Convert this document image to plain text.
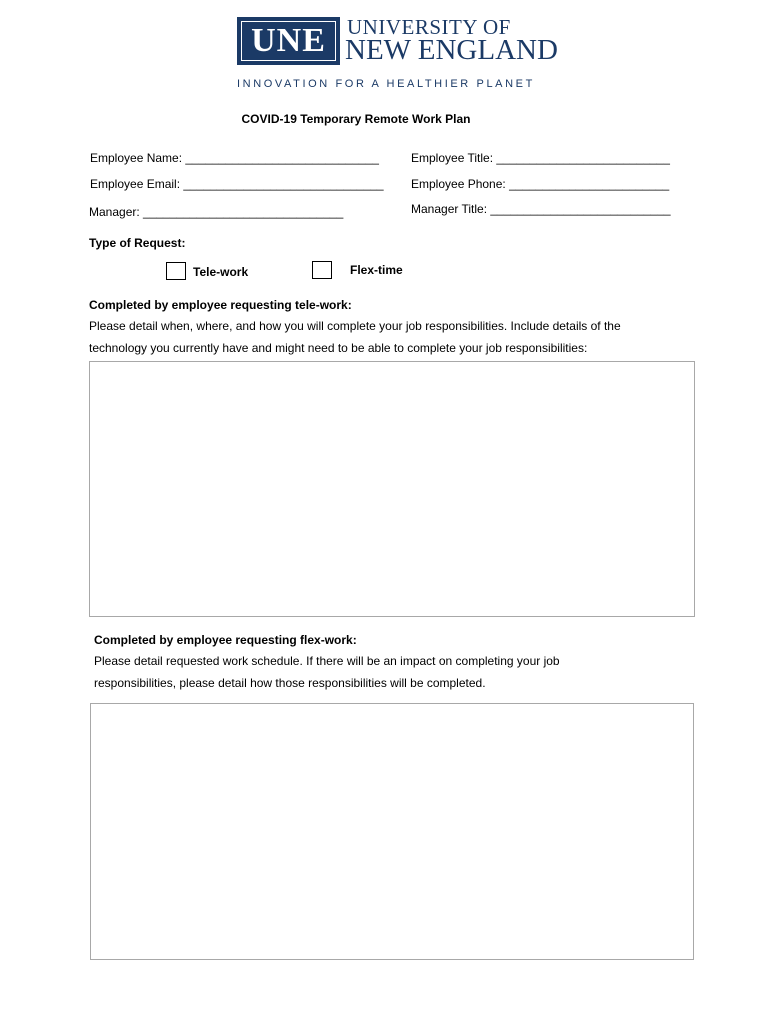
UNE	UNIVERSITY OF
NEW ENGLAND
INNOVATION FOR A HEALTHIER PLANET
COVID-19 Temporary Remote Work Plan
Employee Name: _____________________________	Employee Title: __________________________
Employee Email: ______________________________ Employee Phone: ________________________
Manager: ______________________________	Manager Title: ___________________________
Type of Request:
Tele-work	Flex-time
Completed by employee requesting tele-work:
Please detail when, where, and how you will complete your job responsibilities. Include details of the technology you currently have and might need to be able to complete your job responsibilities:
Completed by employee requesting flex-work:
Please detail requested work schedule. If there will be an impact on completing your job responsibilities, please detail how those responsibilities will be completed.
